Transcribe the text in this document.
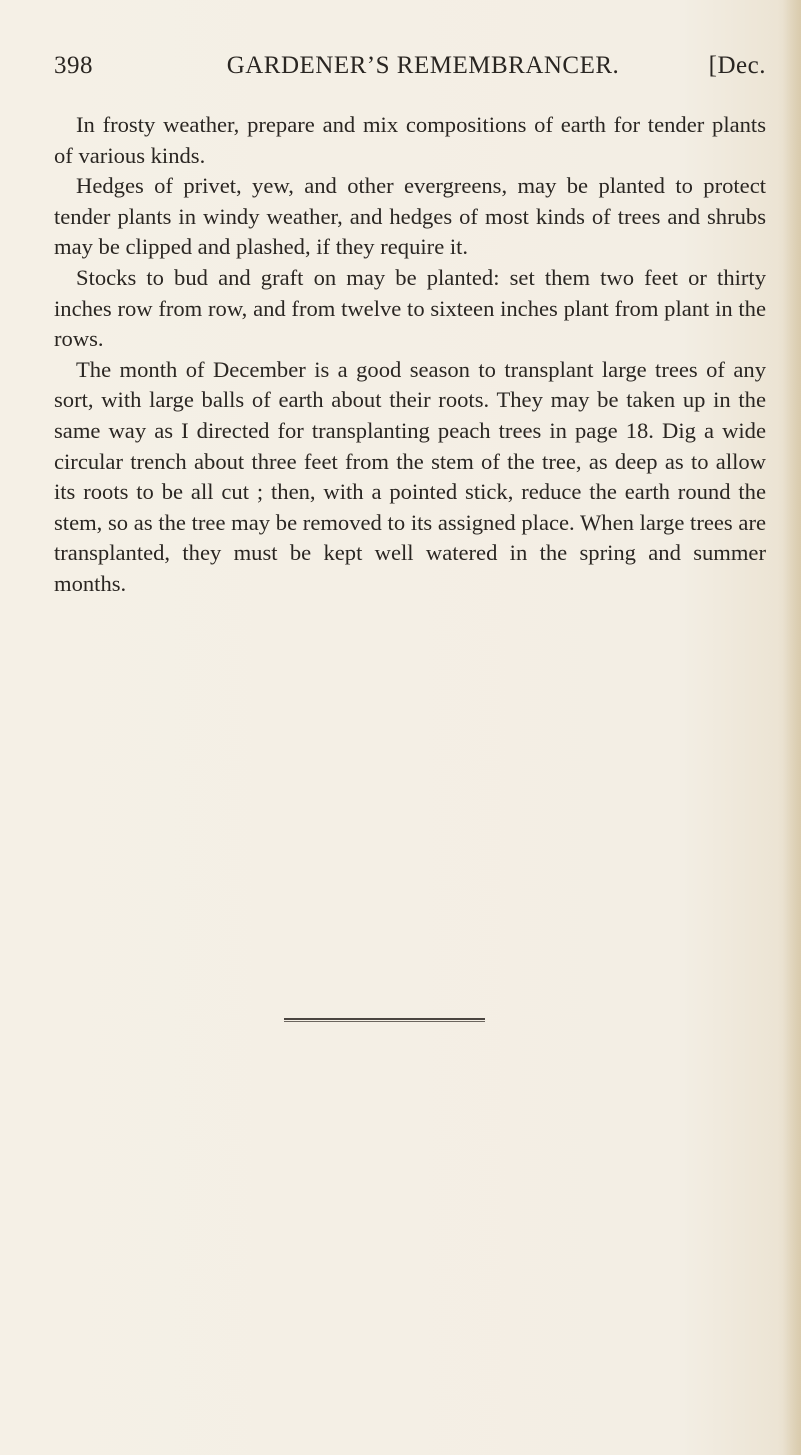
398	GARDENER’S REMEMBRANCER.	[Dec.

In frosty weather, prepare and mix compositions of earth for tender plants of various kinds.

Hedges of privet, yew, and other evergreens, may be planted to protect tender plants in windy weather, and hedges of most kinds of trees and shrubs may be clipped and plashed, if they require it.

Stocks to bud and graft on may be planted: set them two feet or thirty inches row from row, and from twelve to sixteen inches plant from plant in the rows.

The month of December is a good season to transplant large trees of any sort, with large balls of earth about their roots. They may be taken up in the same way as I directed for transplanting peach trees in page 18. Dig a wide circular trench about three feet from the stem of the tree, as deep as to allow its roots to be all cut ; then, with a pointed stick, reduce the earth round the stem, so as the tree may be removed to its assigned place. When large trees are transplanted, they must be kept well watered in the spring and summer months.
